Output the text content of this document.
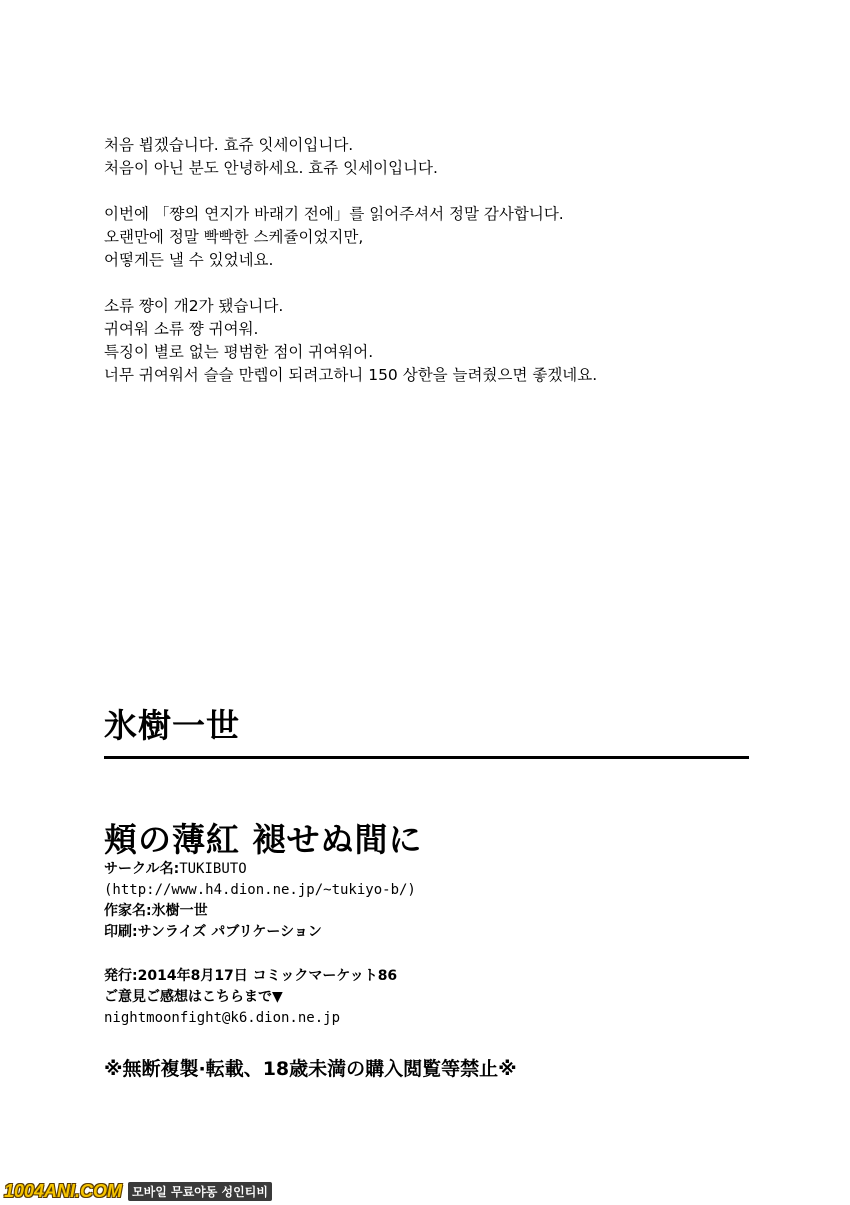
처음 뵙겠습니다. 효쥬 잇세이입니다.
처음이 아닌 분도 안녕하세요. 효쥬 잇세이입니다.
이번에 「쨩의 연지가 바래기 전에」를 읽어주셔서 정말 감사합니다.
오랜만에 정말 빡빡한 스케쥴이었지만,
어떻게든 낼 수 있었네요.
소류 쨩이 개2가 됐습니다.
귀여워 소류 쨩 귀여워.
특징이 별로 없는 평범한 점이 귀여워어.
너무 귀여워서 슬슬 만렙이 되려고하니 150 상한을 늘려줬으면 좋겠네요.
氷樹一世
頬の薄紅 褪せぬ間に
サークル名:TUKIBUTO
(http://www.h4.dion.ne.jp/~tukiyo-b/)
作家名:氷樹一世
印刷:サンライズ パブリケーション
発行:2014年8月17日 コミックマーケット86
ご意見ご感想はこちらまで▼
nightmoonfight@k6.dion.ne.jp
※無断複製·転載、18歳未満の購入閲覧等禁止※
1004ANI.COM 모바일 무료야동 성인티비
